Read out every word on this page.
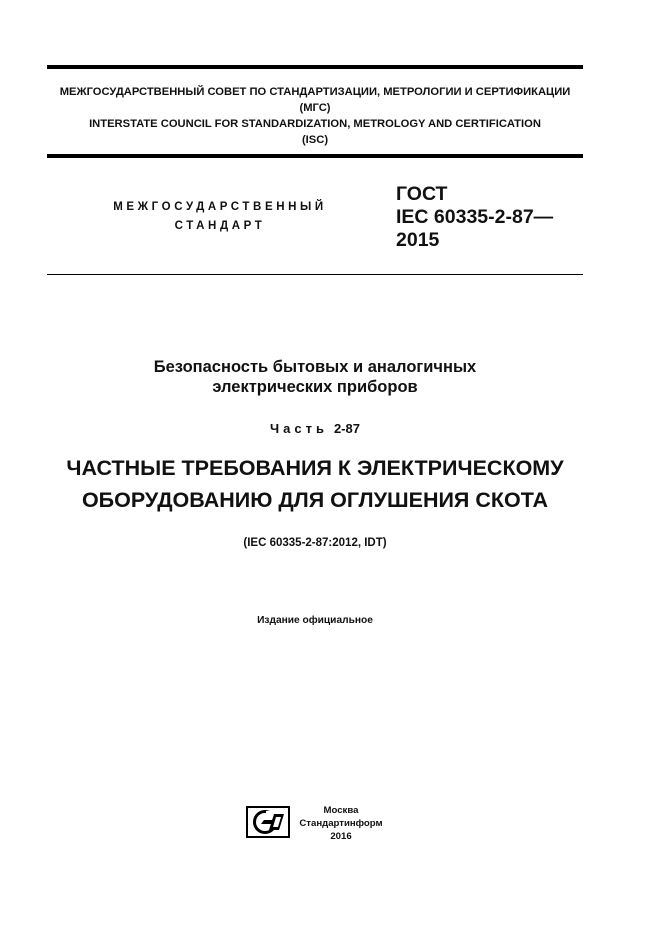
МЕЖГОСУДАРСТВЕННЫЙ СОВЕТ ПО СТАНДАРТИЗАЦИИ, МЕТРОЛОГИИ И СЕРТИФИКАЦИИ
(МГС)
INTERSTATE COUNCIL FOR STANDARDIZATION, METROLOGY AND CERTIFICATION
(ISC)
МЕЖГОСУДАРСТВЕННЫЙ
СТАНДАРТ
ГОСТ
IEC 60335-2-87—
2015
Безопасность бытовых и аналогичных
электрических приборов
Часть 2-87
ЧАСТНЫЕ ТРЕБОВАНИЯ К ЭЛЕКТРИЧЕСКОМУ
ОБОРУДОВАНИЮ ДЛЯ ОГЛУШЕНИЯ СКОТА
(IEC 60335-2-87:2012, IDT)
Издание официальное
Москва
Стандартинформ
2016
